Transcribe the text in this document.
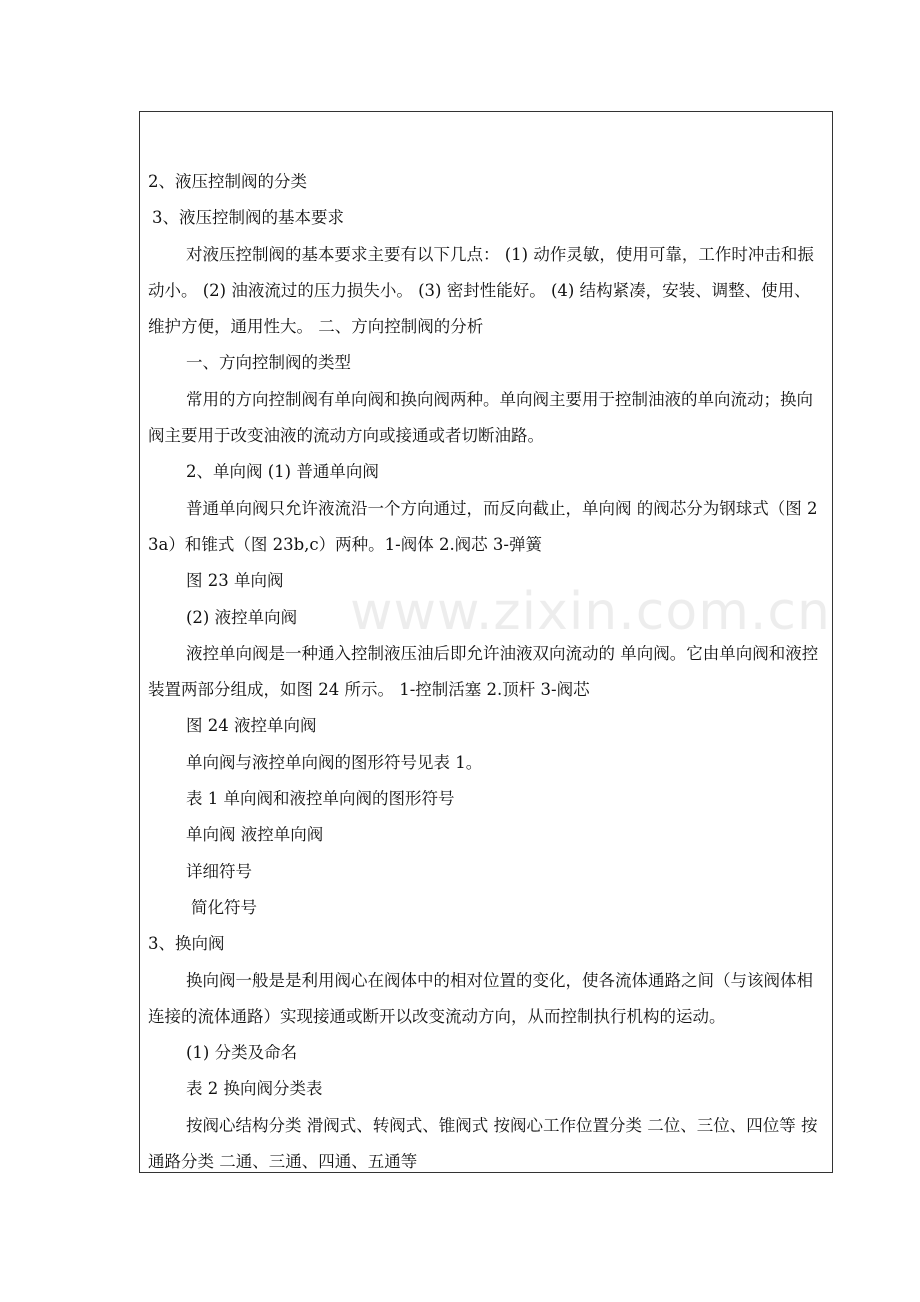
2、液压控制阀的分类

3、液压控制阀的基本要求

对液压控制阀的基本要求主要有以下几点： (1) 动作灵敏，使用可靠，工作时冲击和振动小。 (2) 油液流过的压力损失小。 (3) 密封性能好。 (4) 结构紧凑，安装、调整、使用、维护方便，通用性大。 二、方向控制阀的分析

一、方向控制阀的类型

常用的方向控制阀有单向阀和换向阀两种。单向阀主要用于控制油液的单向流动；换向阀主要用于改变油液的流动方向或接通或者切断油路。

2、单向阀 (1) 普通单向阀

普通单向阀只允许液流沿一个方向通过，而反向截止，单向阀 的阀芯分为钢球式（图 23a）和锥式（图 23b,c）两种。1-阀体 2.阀芯 3-弹簧

图 23 单向阀

(2) 液控单向阀

液控单向阀是一种通入控制液压油后即允许油液双向流动的 单向阀。它由单向阀和液控装置两部分组成，如图 24 所示。 1-控制活塞 2.顶杆 3-阀芯

图 24 液控单向阀

单向阀与液控单向阀的图形符号见表 1。

表 1 单向阀和液控单向阀的图形符号

单向阀 液控单向阀

详细符号

简化符号

3、换向阀

换向阀一般是是利用阀心在阀体中的相对位置的变化，使各流体通路之间（与该阀体相连接的流体通路）实现接通或断开以改变流动方向，从而控制执行机构的运动。

(1) 分类及命名

表 2 换向阀分类表

按阀心结构分类 滑阀式、转阀式、锥阀式 按阀心工作位置分类 二位、三位、四位等 按通路分类 二通、三通、四通、五通等

www.zixin.com.cn
